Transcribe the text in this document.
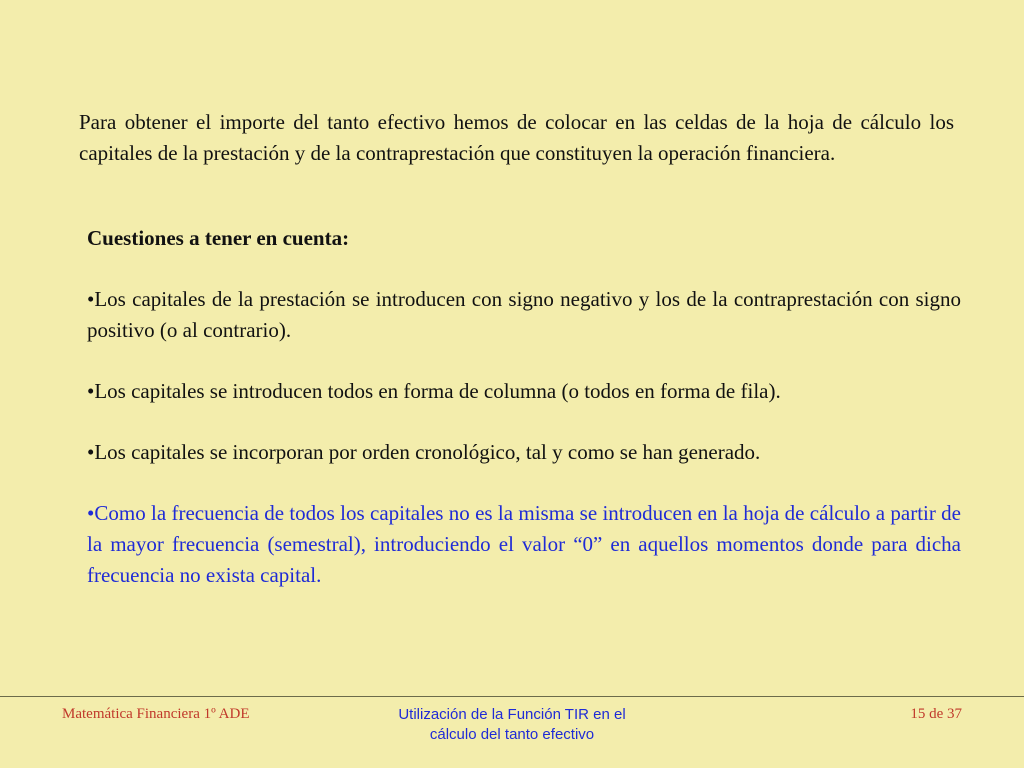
Para obtener el importe del tanto efectivo hemos de colocar en las celdas de la hoja de cálculo los capitales de la prestación y de la contraprestación que constituyen la operación financiera.

Cuestiones a tener en cuenta:

•Los capitales de la prestación se introducen con signo negativo y los de la contraprestación con signo positivo (o al contrario).

•Los capitales se introducen todos en forma de columna (o todos en forma de fila).

•Los capitales se incorporan por orden cronológico, tal y como se han generado.

•Como la frecuencia de todos los capitales no es la misma se introducen en la hoja de cálculo a partir de la mayor frecuencia (semestral), introduciendo el valor “0” en aquellos momentos donde para dicha frecuencia no exista capital.

Matemática Financiera 1º ADE	Utilización de la Función TIR en el
cálculo del tanto efectivo
15 de 37
